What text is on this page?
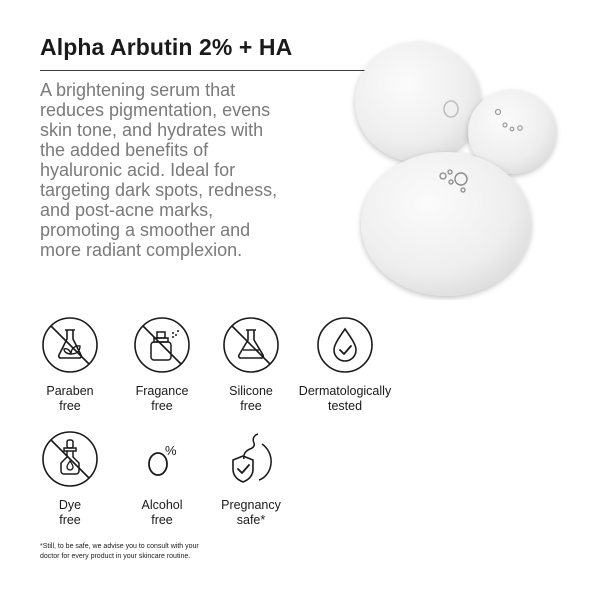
Alpha Arbutin 2% + HA
A brightening serum that
reduces pigmentation, evens
skin tone, and hydrates with
the added benefits of
hyaluronic acid. Ideal for
targeting dark spots, redness,
and post-acne marks,
promoting a smoother and
more radiant complexion.
Paraben
free
Fragance
free
Silicone
free
Dermatologically
tested
Dye
free
%
Alcohol
free
Pregnancy
safe*
*Still, to be safe, we advise you to consult with your
doctor for every product in your skincare routine.
